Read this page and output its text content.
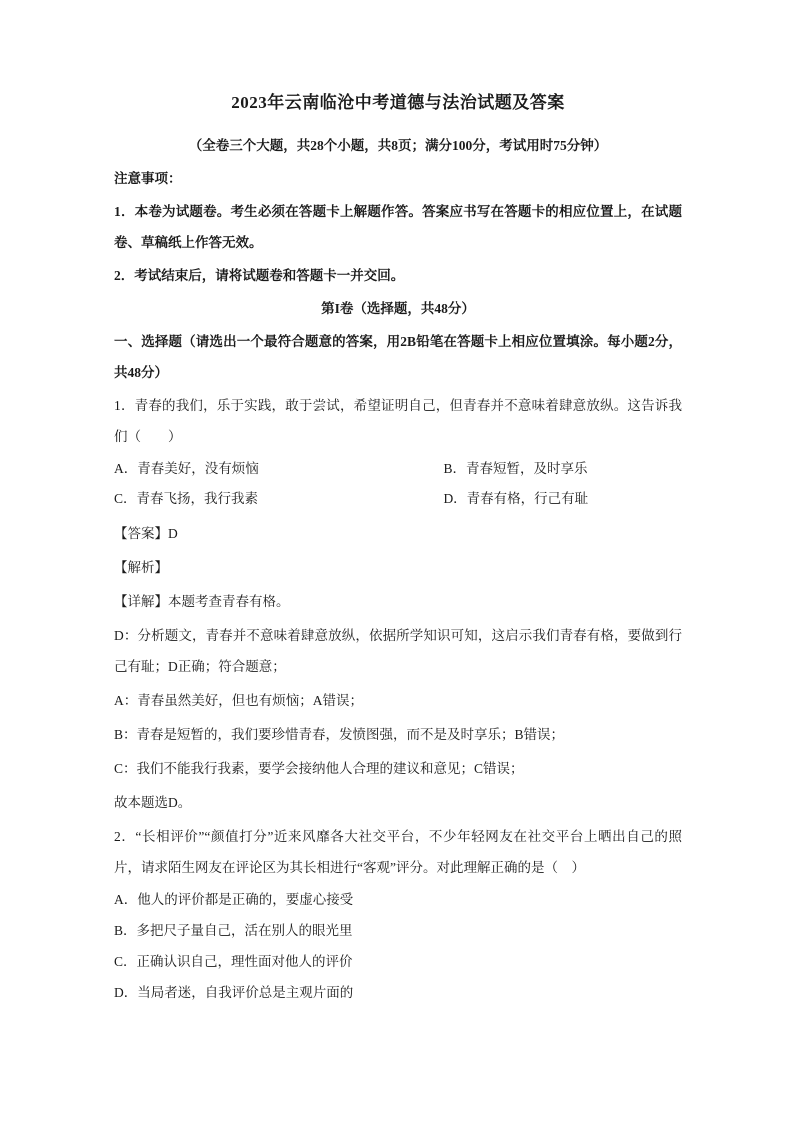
2023年云南临沧中考道德与法治试题及答案

（全卷三个大题，共28个小题，共8页；满分100分，考试用时75分钟）

注意事项：

1．本卷为试题卷。考生必须在答题卡上解题作答。答案应书写在答题卡的相应位置上，在试题卷、草稿纸上作答无效。

2．考试结束后，请将试题卷和答题卡一并交回。

第I卷（选择题，共48分）

一、选择题（请选出一个最符合题意的答案，用2B铅笔在答题卡上相应位置填涂。每小题2分，共48分）

1．青春的我们，乐于实践，敢于尝试，希望证明自己，但青春并不意味着肆意放纵。这告诉我们（　　）

A．青春美好，没有烦恼	B．青春短暂，及时享乐
C．青春飞扬，我行我素	D．青春有格，行己有耻

【答案】D

【解析】

【详解】本题考查青春有格。

D：分析题文，青春并不意味着肆意放纵，依据所学知识可知，这启示我们青春有格，要做到行己有耻；D正确；符合题意；

A：青春虽然美好，但也有烦恼；A错误；

B：青春是短暂的，我们要珍惜青春，发愤图强，而不是及时享乐；B错误；

C：我们不能我行我素，要学会接纳他人合理的建议和意见；C错误；

故本题选D。

2．“长相评价”“颜值打分”近来风靡各大社交平台，不少年轻网友在社交平台上晒出自己的照片，请求陌生网友在评论区为其长相进行“客观”评分。对此理解正确的是（　）

A．他人的评价都是正确的，要虚心接受

B．多把尺子量自己，活在别人的眼光里

C．正确认识自己，理性面对他人的评价

D．当局者迷，自我评价总是主观片面的
